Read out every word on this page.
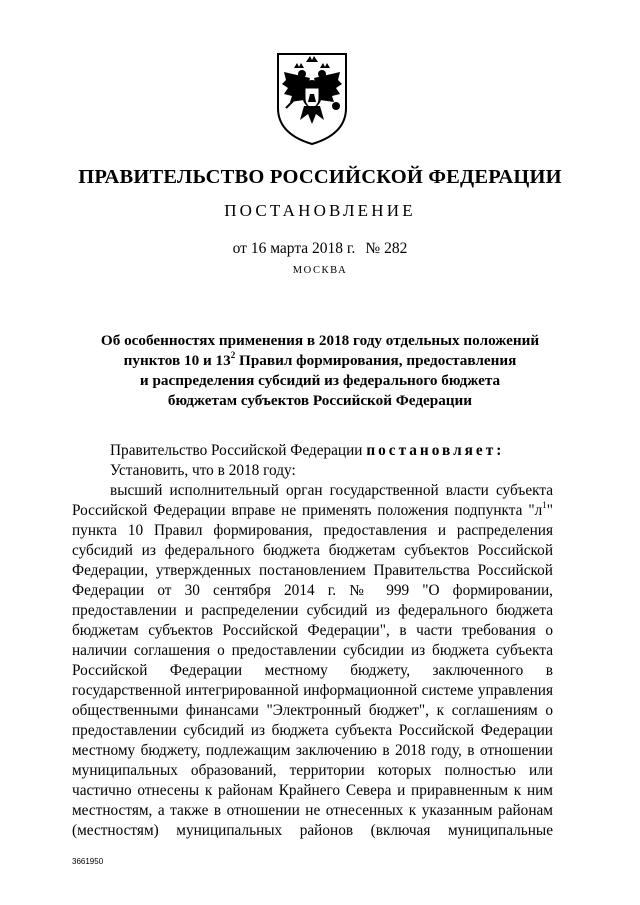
ПРАВИТЕЛЬСТВО РОССИЙСКОЙ ФЕДЕРАЦИИ
ПОСТАНОВЛЕНИЕ
от 16 марта 2018 г. № 282
МОСКВА
Об особенностях применения в 2018 году отдельных положений
пунктов 10 и $13^2$ Правил формирования, предоставления
и распределения субсидий из федерального бюджета
бюджетам субъектов Российской Федерации
Правительство Российской Федерации постановляет:
Установить, что в 2018 году:
высший исполнительный орган государственной власти субъекта
Российской Федерации вправе не применять положения подпункта "$л^1$"
пункта 10 Правил формирования, предоставления и распределения
субсидий из федерального бюджета бюджетам субъектов Российской
Федерации, утвержденных постановлением Правительства Российской
Федерации от 30 сентября 2014 г. № 999 "О формировании,
предоставлении и распределении субсидий из федерального бюджета
бюджетам субъектов Российской Федерации", в части требования о
наличии соглашения о предоставлении субсидии из бюджета субъекта
Российской Федерации местному бюджету, заключенного в
государственной интегрированной информационной системе управления
общественными финансами "Электронный бюджет", к соглашениям о
предоставлении субсидий из бюджета субъекта Российской Федерации
местному бюджету, подлежащим заключению в 2018 году, в отношении
муниципальных образований, территории которых полностью или
частично отнесены к районам Крайнего Севера и приравненным к ним
местностям, а также в отношении не отнесенных к указанным районам
(местностям) муниципальных районов (включая муниципальные
3661950
